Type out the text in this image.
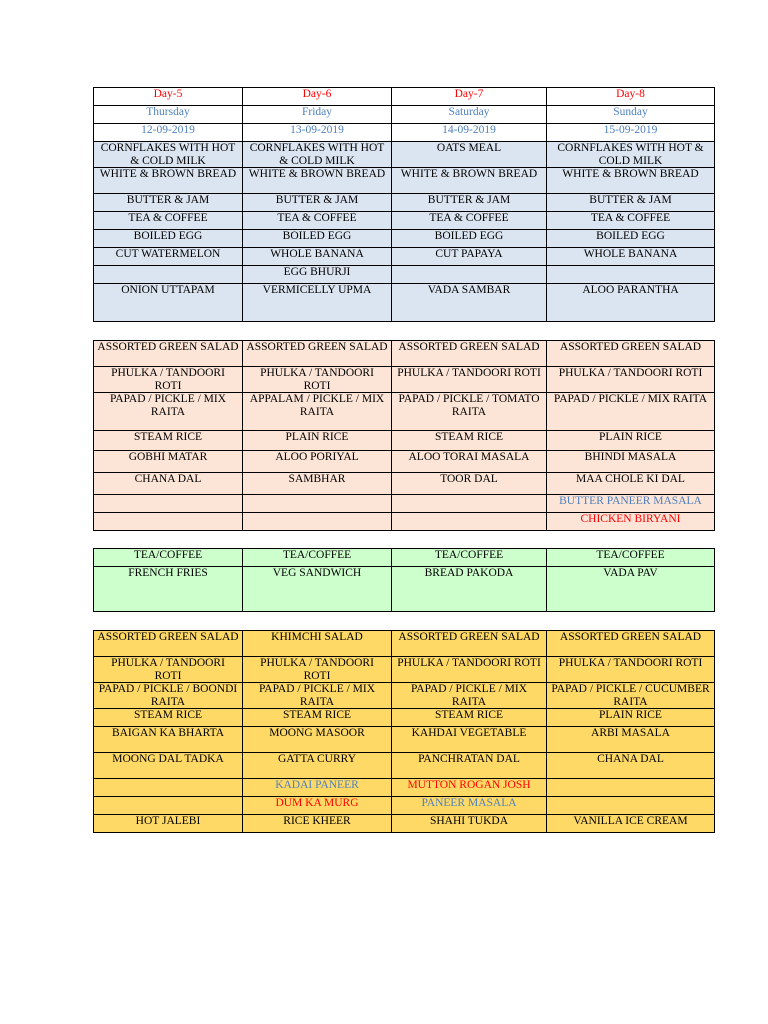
Day-5	Day-6	Day-7	Day-8
Thursday	Friday	Saturday	Sunday
12-09-2019	13-09-2019	14-09-2019	15-09-2019
CORNFLAKES WITH HOT & COLD MILK	CORNFLAKES WITH HOT & COLD MILK	OATS MEAL	CORNFLAKES WITH HOT & COLD MILK
WHITE & BROWN BREAD	WHITE & BROWN BREAD	WHITE & BROWN BREAD	WHITE & BROWN BREAD
BUTTER & JAM	BUTTER & JAM	BUTTER & JAM	BUTTER & JAM
TEA & COFFEE	TEA & COFFEE	TEA & COFFEE	TEA & COFFEE
BOILED EGG	BOILED EGG	BOILED EGG	BOILED EGG
CUT WATERMELON	WHOLE BANANA	CUT PAPAYA	WHOLE BANANA
	EGG BHURJI		
ONION UTTAPAM	VERMICELLY UPMA	VADA SAMBAR	ALOO PARANTHA
ASSORTED GREEN SALAD	ASSORTED GREEN SALAD	ASSORTED GREEN SALAD	ASSORTED GREEN SALAD
PHULKA / TANDOORI ROTI	PHULKA / TANDOORI ROTI	PHULKA / TANDOORI ROTI	PHULKA / TANDOORI ROTI
PAPAD / PICKLE / MIX RAITA	APPALAM / PICKLE / MIX RAITA	PAPAD / PICKLE / TOMATO RAITA	PAPAD / PICKLE / MIX RAITA
STEAM RICE	PLAIN RICE	STEAM RICE	PLAIN RICE
GOBHI MATAR	ALOO PORIYAL	ALOO TORAI MASALA	BHINDI MASALA
CHANA DAL	SAMBHAR	TOOR DAL	MAA CHOLE KI DAL
			BUTTER PANEER MASALA
			CHICKEN BIRYANI
TEA/COFFEE	TEA/COFFEE	TEA/COFFEE	TEA/COFFEE
FRENCH FRIES	VEG SANDWICH	BREAD PAKODA	VADA PAV
ASSORTED GREEN SALAD	KHIMCHI SALAD	ASSORTED GREEN SALAD	ASSORTED GREEN SALAD
PHULKA / TANDOORI ROTI	PHULKA / TANDOORI ROTI	PHULKA / TANDOORI ROTI	PHULKA / TANDOORI ROTI
PAPAD / PICKLE / BOONDI RAITA	PAPAD / PICKLE / MIX RAITA	PAPAD / PICKLE / MIX RAITA	PAPAD / PICKLE / CUCUMBER RAITA
STEAM RICE	STEAM RICE	STEAM RICE	PLAIN RICE
BAIGAN KA BHARTA	MOONG MASOOR	KAHDAI VEGETABLE	ARBI MASALA
MOONG DAL TADKA	GATTA CURRY	PANCHRATAN DAL	CHANA DAL
	KADAI PANEER	MUTTON ROGAN JOSH	
	DUM KA MURG	PANEER MASALA	
HOT JALEBI	RICE KHEER	SHAHI TUKDA	VANILLA ICE CREAM
